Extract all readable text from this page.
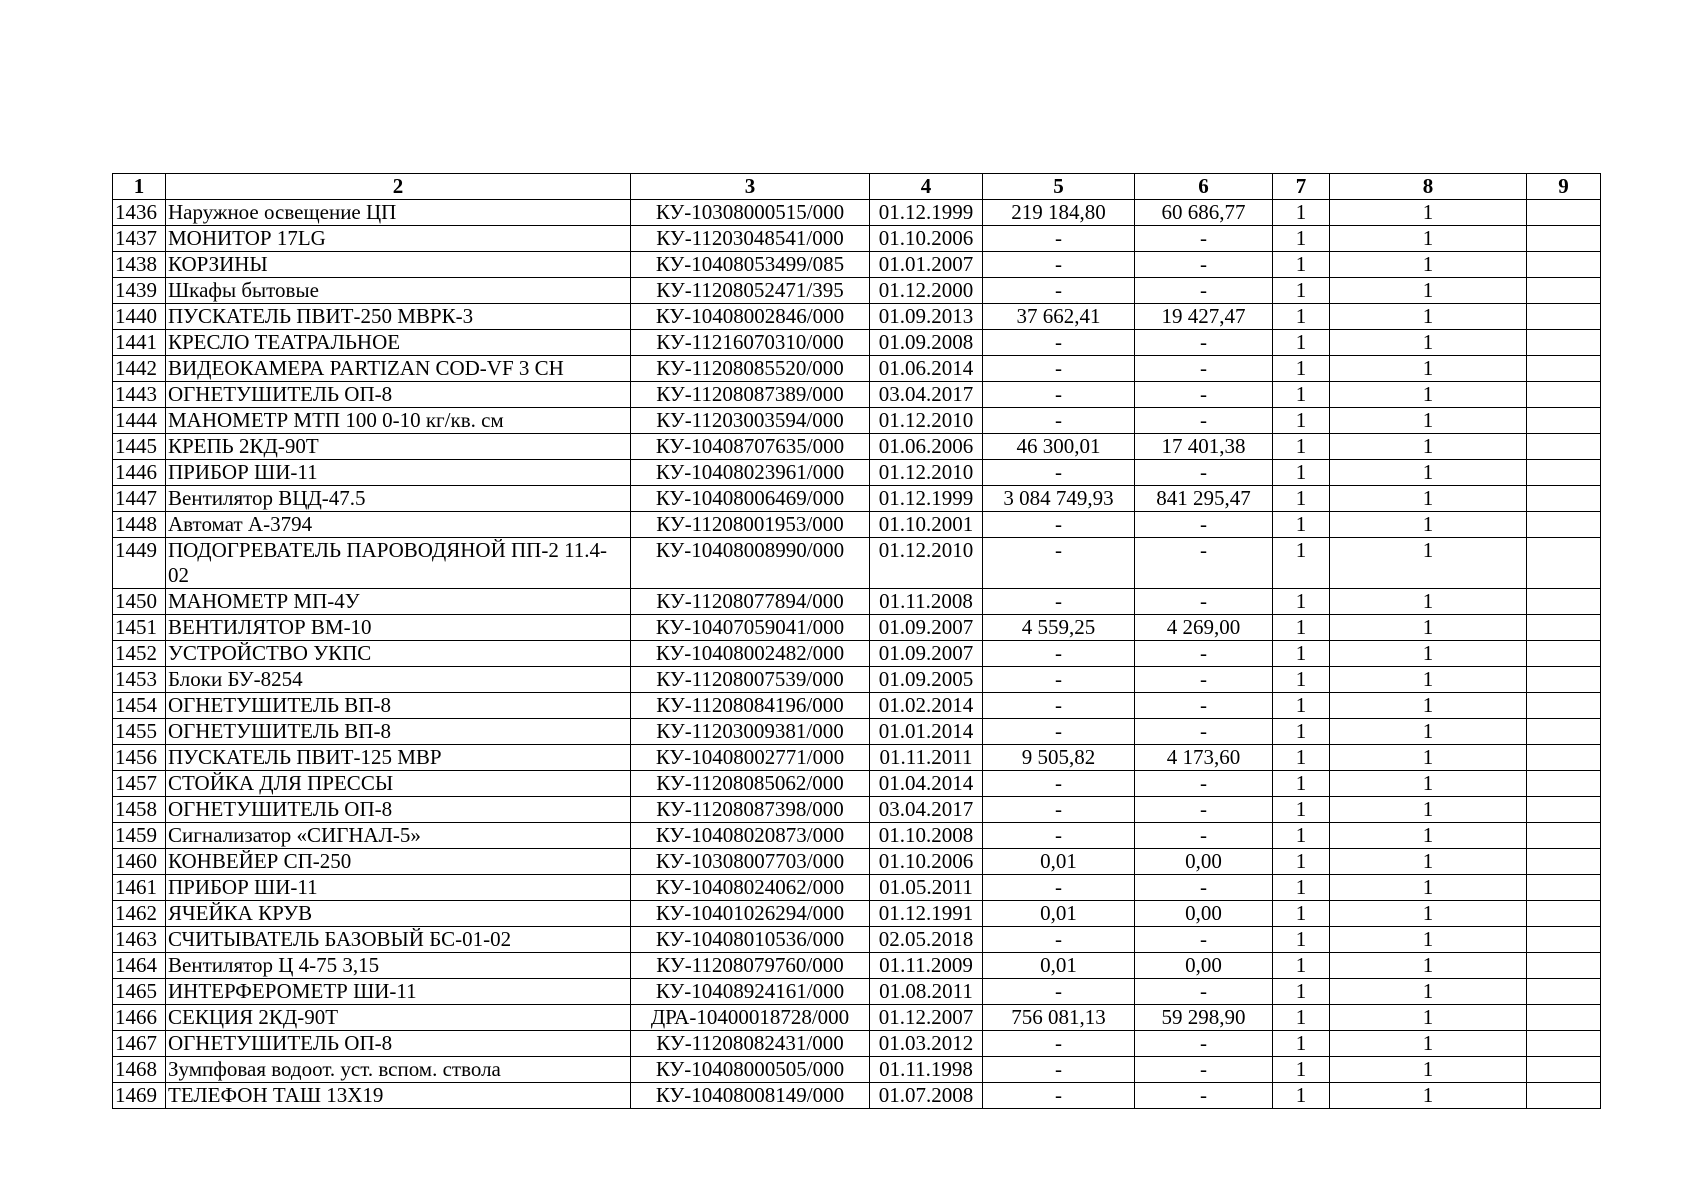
1	2	3	4	5	6	7	8	9
1436	Наружное освещение ЦП	КУ-10308000515/000	01.12.1999	219 184,80	60 686,77	1	1	
1437	МОНИТОР 17LG	КУ-11203048541/000	01.10.2006	-	-	1	1	
1438	КОРЗИНЫ	КУ-10408053499/085	01.01.2007	-	-	1	1	
1439	Шкафы бытовые	КУ-11208052471/395	01.12.2000	-	-	1	1	
1440	ПУСКАТЕЛЬ ПВИТ-250 МВРК-3	КУ-10408002846/000	01.09.2013	37 662,41	19 427,47	1	1	
1441	КРЕСЛО ТЕАТРАЛЬНОЕ	КУ-11216070310/000	01.09.2008	-	-	1	1	
1442	ВИДЕОКАМЕРА PARTIZAN COD-VF 3 CH	КУ-11208085520/000	01.06.2014	-	-	1	1	
1443	ОГНЕТУШИТЕЛЬ ОП-8	КУ-11208087389/000	03.04.2017	-	-	1	1	
1444	МАНОМЕТР МТП 100 0-10 кг/кв. см	КУ-11203003594/000	01.12.2010	-	-	1	1	
1445	КРЕПЬ 2КД-90Т	КУ-10408707635/000	01.06.2006	46 300,01	17 401,38	1	1	
1446	ПРИБОР ШИ-11	КУ-10408023961/000	01.12.2010	-	-	1	1	
1447	Вентилятор ВЦД-47.5	КУ-10408006469/000	01.12.1999	3 084 749,93	841 295,47	1	1	
1448	Автомат А-3794	КУ-11208001953/000	01.10.2001	-	-	1	1	
1449	ПОДОГРЕВАТЕЛЬ ПАРОВОДЯНОЙ ПП-2 11.4-02	КУ-10408008990/000	01.12.2010	-	-	1	1	
1450	МАНОМЕТР МП-4У	КУ-11208077894/000	01.11.2008	-	-	1	1	
1451	ВЕНТИЛЯТОР ВМ-10	КУ-10407059041/000	01.09.2007	4 559,25	4 269,00	1	1	
1452	УСТРОЙСТВО УКПС	КУ-10408002482/000	01.09.2007	-	-	1	1	
1453	Блоки БУ-8254	КУ-11208007539/000	01.09.2005	-	-	1	1	
1454	ОГНЕТУШИТЕЛЬ ВП-8	КУ-11208084196/000	01.02.2014	-	-	1	1	
1455	ОГНЕТУШИТЕЛЬ ВП-8	КУ-11203009381/000	01.01.2014	-	-	1	1	
1456	ПУСКАТЕЛЬ ПВИТ-125 МВР	КУ-10408002771/000	01.11.2011	9 505,82	4 173,60	1	1	
1457	СТОЙКА ДЛЯ ПРЕССЫ	КУ-11208085062/000	01.04.2014	-	-	1	1	
1458	ОГНЕТУШИТЕЛЬ ОП-8	КУ-11208087398/000	03.04.2017	-	-	1	1	
1459	Сигнализатор «СИГНАЛ-5»	КУ-10408020873/000	01.10.2008	-	-	1	1	
1460	КОНВЕЙЕР СП-250	КУ-10308007703/000	01.10.2006	0,01	0,00	1	1	
1461	ПРИБОР ШИ-11	КУ-10408024062/000	01.05.2011	-	-	1	1	
1462	ЯЧЕЙКА КРУВ	КУ-10401026294/000	01.12.1991	0,01	0,00	1	1	
1463	СЧИТЫВАТЕЛЬ БАЗОВЫЙ БС-01-02	КУ-10408010536/000	02.05.2018	-	-	1	1	
1464	Вентилятор Ц 4-75 3,15	КУ-11208079760/000	01.11.2009	0,01	0,00	1	1	
1465	ИНТЕРФЕРОМЕТР ШИ-11	КУ-10408924161/000	01.08.2011	-	-	1	1	
1466	СЕКЦИЯ 2КД-90Т	ДРА-10400018728/000	01.12.2007	756 081,13	59 298,90	1	1	
1467	ОГНЕТУШИТЕЛЬ ОП-8	КУ-11208082431/000	01.03.2012	-	-	1	1	
1468	Зумпфовая водоот. уст. вспом. ствола	КУ-10408000505/000	01.11.1998	-	-	1	1	
1469	ТЕЛЕФОН ТАШ 13Х19	КУ-10408008149/000	01.07.2008	-	-	1	1	
